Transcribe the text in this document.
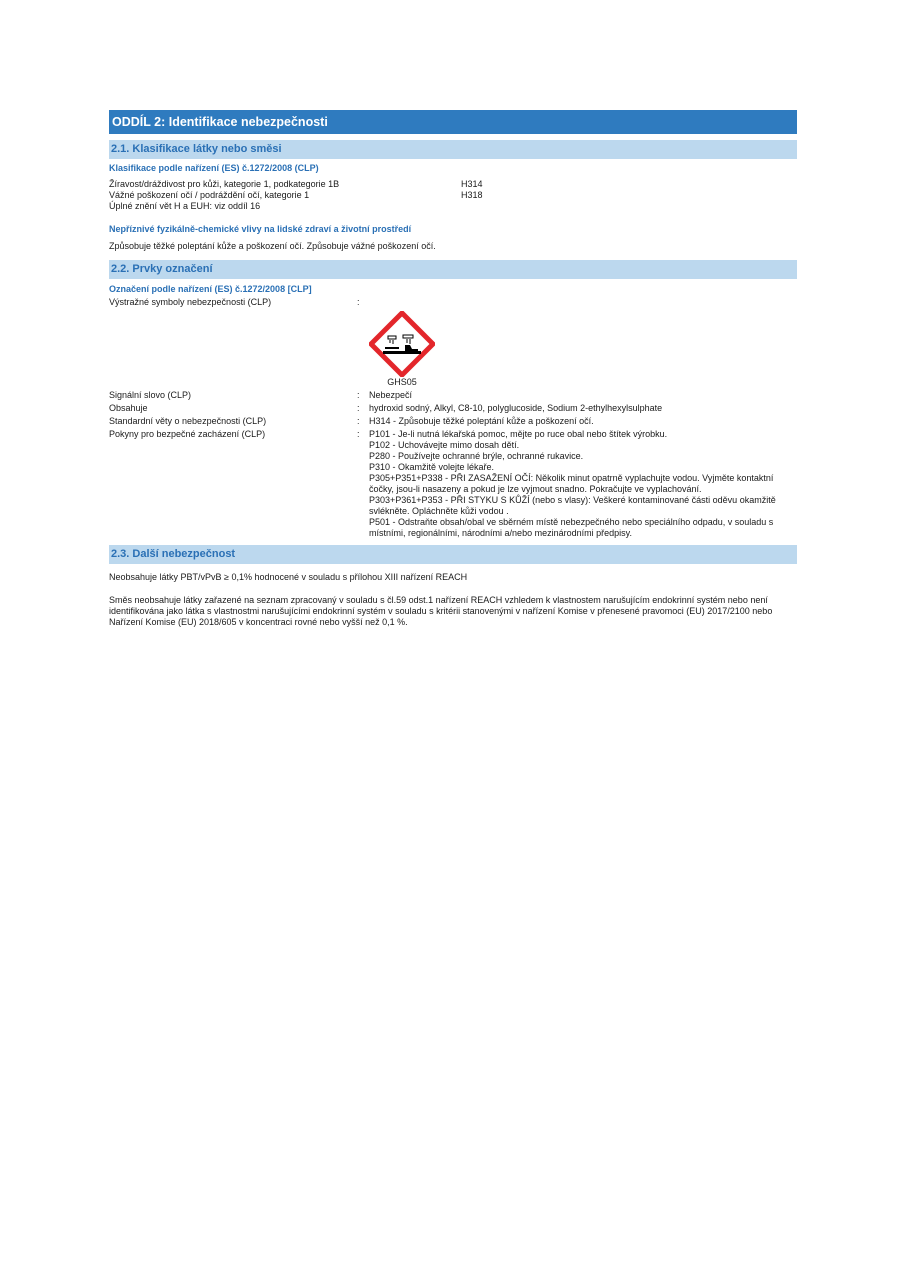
ODDÍL 2: Identifikace nebezpečnosti
2.1. Klasifikace látky nebo směsi
Klasifikace podle nařízení (ES) č.1272/2008 (CLP)
Žíravost/dráždivost pro kůži, kategorie 1, podkategorie 1B	H314
Vážné poškození očí / podráždění očí, kategorie 1	H318
Úplné znění vět H a EUH: viz oddíl 16
Nepříznivé fyzikálně-chemické vlivy na lidské zdraví a životní prostředí
Způsobuje těžké poleptání kůže a poškození očí. Způsobuje vážné poškození očí.
2.2. Prvky označení
Označení podle nařízení (ES) č.1272/2008 [CLP]
Výstražné symboly nebezpečnosti (CLP)	:
GHS05
Signální slovo (CLP)	:	Nebezpečí
Obsahuje	:	hydroxid sodný, Alkyl, C8-10, polyglucoside, Sodium 2-ethylhexylsulphate
Standardní věty o nebezpečnosti (CLP)	:	H314 - Způsobuje těžké poleptání kůže a poškození očí.
Pokyny pro bezpečné zacházení (CLP)	:	P101 - Je-li nutná lékařská pomoc, mějte po ruce obal nebo štítek výrobku.
P102 - Uchovávejte mimo dosah dětí.
P280 - Používejte ochranné brýle, ochranné rukavice.
P310 - Okamžitě volejte lékaře.
P305+P351+P338 - PŘI ZASAŽENÍ OČÍ: Několik minut opatrně vyplachujte vodou. Vyjměte kontaktní čočky, jsou-li nasazeny a pokud je lze vyjmout snadno. Pokračujte ve vyplachování.
P303+P361+P353 - PŘI STYKU S KŮŽÍ (nebo s vlasy): Veškeré kontaminované části oděvu okamžitě svlékněte. Opláchněte kůži vodou .
P501 - Odstraňte obsah/obal ve sběrném místě nebezpečného nebo speciálního odpadu, v souladu s místními, regionálními, národními a/nebo mezinárodními předpisy.
2.3. Další nebezpečnost
Neobsahuje látky PBT/vPvB ≥ 0,1% hodnocené v souladu s přílohou XIII nařízení REACH
Směs neobsahuje látky zařazené na seznam zpracovaný v souladu s čl.59 odst.1 nařízení REACH vzhledem k vlastnostem narušujícím endokrinní systém nebo není identifikována jako látka s vlastnostmi narušujícími endokrinní systém v souladu s kritérii stanovenými v nařízení Komise v přenesené pravomoci (EU) 2017/2100 nebo Nařízení Komise (EU) 2018/605 v koncentraci rovné nebo vyšší než 0,1 %.
